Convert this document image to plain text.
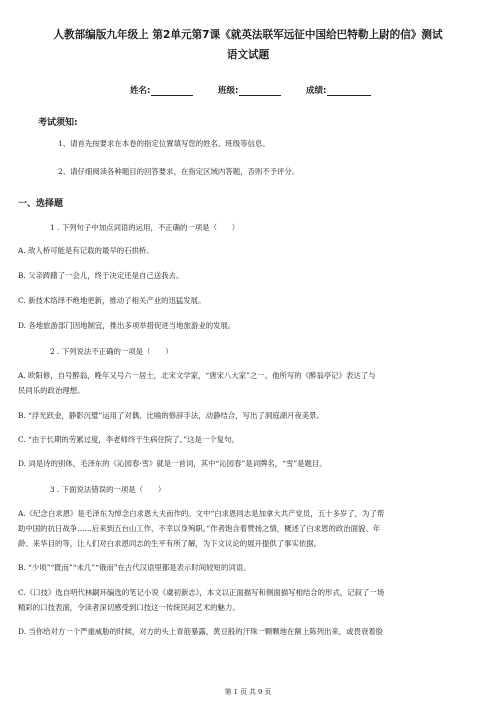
人教部编版九年级上 第2单元第7课《就英法联军远征中国给巴特勒上尉的信》测试
语文试题
姓名:	班级:	成绩:
考试须知:
1、请首先按要求在本卷的指定位置填写您的姓名、班级等信息。
2、请仔细阅读各种题目的回答要求，在指定区域内答题，否则不予评分。
一、选择题
1 . 下列句子中加点词语的运用，不正确的一项是（　　）
A. 敌人桥可能是有记载的最早的石拱桥。
B. 父亲踌躇了一会儿，终于决定还是自己送我去。
C. 新技术络绎不绝地更新，推动了相关产业的迅猛发展。
D. 各地旅游部门因地制宜，推出多项举措促进当地旅游业的发展。
2 . 下列说法不正确的一项是（　　）
A. 欧阳修，自号醉翁，晚年又号六一居士，北宋文学家，“唐宋八大家”之一。他所写的《醉翁亭记》表达了与
民同乐的政治理想。
B. “浮光跃金，静影沉璧”运用了对偶、比喻的修辞手法，动静结合，写出了洞庭湖月夜美景。
C. “由于长期的劳累过度，李老师终于生病住院了。”这是一个复句。
D. 词是诗的别体，毛泽东的《沁园春·雪》就是一首词，其中“沁园春”是词牌名，“雪”是题目。
3 . 下面说法错误的一项是（　　）
A.《纪念白求恩》是毛泽东为悼念白求恩大夫而作的。文中“白求恩同志是加拿大共产党员，五十多岁了，为了帮
助中国的抗日战争……后来到五台山工作，不幸以身殉职。”作者饱含着赞扬之情，概述了白求恩的政治面貌、年
龄、来华目的等，让人们对白求恩同志的生平有所了解，为下文议论的展开提供了事实依据。
B. “少顷”“既而”“未几”“俄而”在古代汉语里都是表示时间较短的词语。
C.《口技》选自明代林嗣环编选的笔记小说《虞初新志》，本文以正面描写和侧面描写相结合的形式，记叙了一场
精彩的口技表演，令读者深切感受到口技这一传统民间艺术的魅力。
D. 当你给对方一个严重威胁的时候，对方的头上青筋暴露，黄豆般的汗珠一颗颗地在额上陈列出来，或畏衰着脸
第 1 页 共 9 页
